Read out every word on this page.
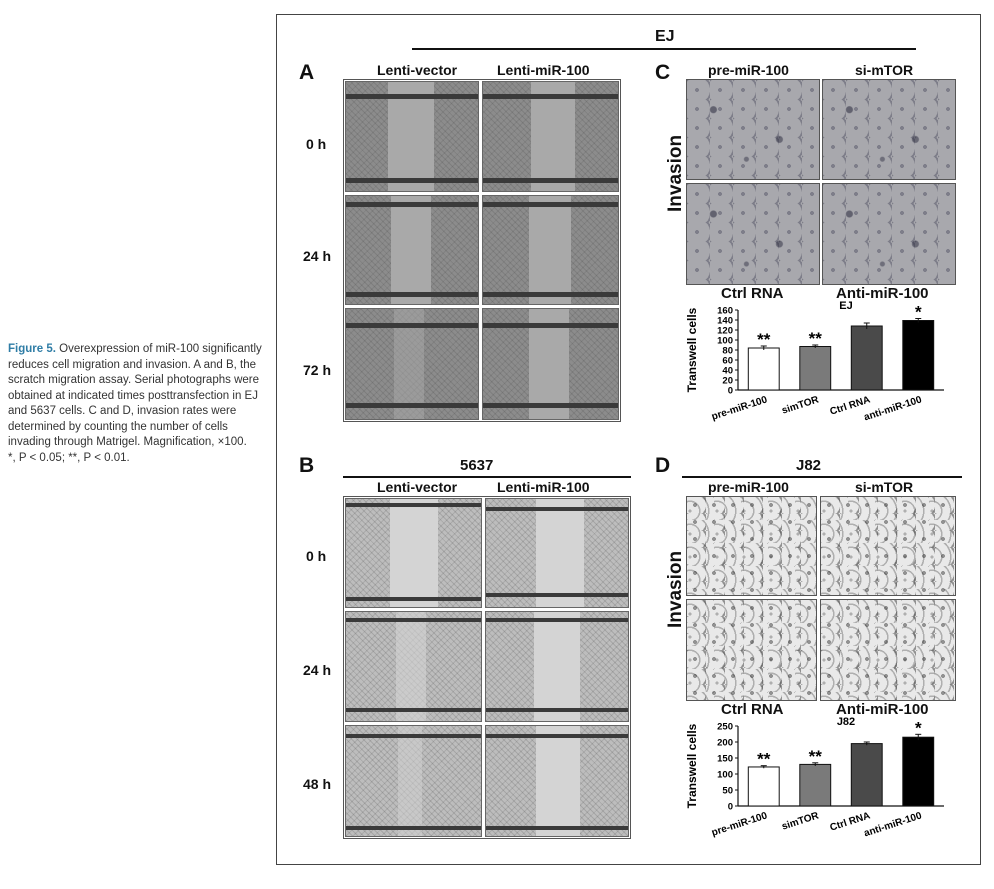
Figure 5. Overexpression of miR-100 significantly reduces cell migration and invasion. A and B, the scratch migration assay. Serial photographs were obtained at indicated times posttransfection in EJ and 5637 cells. C and D, invasion rates were determined by counting the number of cells invading through Matrigel. Magnification, ×100.
*, P < 0.05; **, P < 0.01.
EJ
A	Lenti-vector	Lenti-miR-100
0 h
24 h
72 h
B	5637
Lenti-vector	Lenti-miR-100
0 h
24 h
48 h
C	pre-miR-100	si-mTOR
Invasion
Ctrl RNA	Anti-miR-100
Transwell cells
EJ
0
20
40
60
80
100
120
140
160
**
pre-miR-100
**
simTOR Ctrl RNA
*
anti-miR-100
D	J82
pre-miR-100	si-mTOR
Invasion
Ctrl RNA	Anti-miR-100
Transwell cells
J82
0
50
100
150
200
250
**
pre-miR-100
**
simTOR Ctrl RNA
*
anti-miR-100
